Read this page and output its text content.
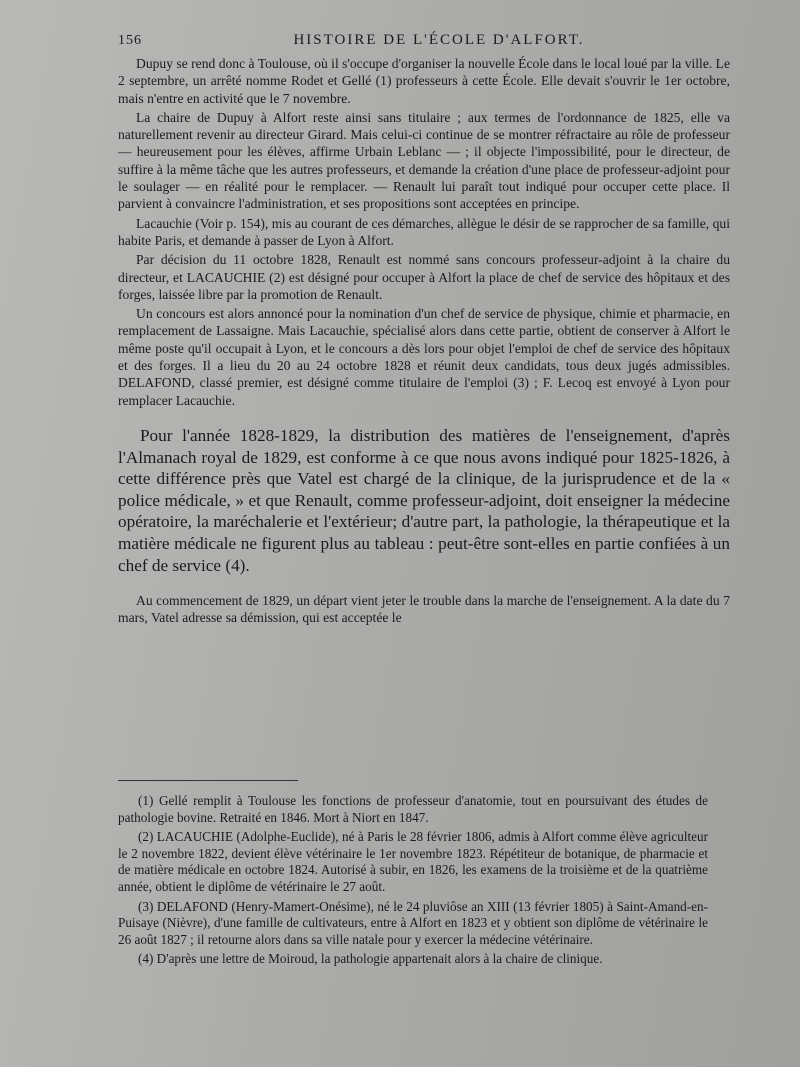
156	HISTOIRE DE L'ÉCOLE D'ALFORT.

Dupuy se rend donc à Toulouse, où il s'occupe d'organiser la nouvelle École dans le local loué par la ville. Le 2 septembre, un arrêté nomme Rodet et Gellé (1) professeurs à cette École. Elle devait s'ouvrir le 1er octobre, mais n'entre en activité que le 7 novembre.

La chaire de Dupuy à Alfort reste ainsi sans titulaire ; aux termes de l'ordonnance de 1825, elle va naturellement revenir au directeur Girard. Mais celui-ci continue de se montrer réfractaire au rôle de professeur — heureusement pour les élèves, affirme Urbain Leblanc — ; il objecte l'impossibilité, pour le directeur, de suffire à la même tâche que les autres professeurs, et demande la création d'une place de professeur-adjoint pour le soulager — en réalité pour le remplacer. — Renault lui paraît tout indiqué pour occuper cette place. Il parvient à convaincre l'administration, et ses propositions sont acceptées en principe.

Lacauchie (Voir p. 154), mis au courant de ces démarches, allègue le désir de se rapprocher de sa famille, qui habite Paris, et demande à passer de Lyon à Alfort.

Par décision du 11 octobre 1828, Renault est nommé sans concours professeur-adjoint à la chaire du directeur, et LACAUCHIE (2) est désigné pour occuper à Alfort la place de chef de service des hôpitaux et des forges, laissée libre par la promotion de Renault.

Un concours est alors annoncé pour la nomination d'un chef de service de physique, chimie et pharmacie, en remplacement de Lassaigne. Mais Lacauchie, spécialisé alors dans cette partie, obtient de conserver à Alfort le même poste qu'il occupait à Lyon, et le concours a dès lors pour objet l'emploi de chef de service des hôpitaux et des forges. Il a lieu du 20 au 24 octobre 1828 et réunit deux candidats, tous deux jugés admissibles. DELAFOND, classé premier, est désigné comme titulaire de l'emploi (3) ; F. Lecoq est envoyé à Lyon pour remplacer Lacauchie.

Pour l'année 1828-1829, la distribution des matières de l'enseignement, d'après l'Almanach royal de 1829, est conforme à ce que nous avons indiqué pour 1825-1826, à cette différence près que Vatel est chargé de la clinique, de la jurisprudence et de la « police médicale, » et que Renault, comme professeur-adjoint, doit enseigner la médecine opératoire, la maréchalerie et l'extérieur; d'autre part, la pathologie, la thérapeutique et la matière médicale ne figurent plus au tableau : peut-être sont-elles en partie confiées à un chef de service (4).

Au commencement de 1829, un départ vient jeter le trouble dans la marche de l'enseignement. A la date du 7 mars, Vatel adresse sa démission, qui est acceptée le

(1) Gellé remplit à Toulouse les fonctions de professeur d'anatomie, tout en poursuivant des études de pathologie bovine. Retraité en 1846. Mort à Niort en 1847.

(2) LACAUCHIE (Adolphe-Euclide), né à Paris le 28 février 1806, admis à Alfort comme élève agriculteur le 2 novembre 1822, devient élève vétérinaire le 1er novembre 1823. Répétiteur de botanique, de pharmacie et de matière médicale en octobre 1824. Autorisé à subir, en 1826, les examens de la troisième et de la quatrième année, obtient le diplôme de vétérinaire le 27 août.

(3) DELAFOND (Henry-Mamert-Onésime), né le 24 pluviôse an XIII (13 février 1805) à Saint-Amand-en-Puisaye (Nièvre), d'une famille de cultivateurs, entre à Alfort en 1823 et y obtient son diplôme de vétérinaire le 26 août 1827 ; il retourne alors dans sa ville natale pour y exercer la médecine vétérinaire.

(4) D'après une lettre de Moiroud, la pathologie appartenait alors à la chaire de clinique.
